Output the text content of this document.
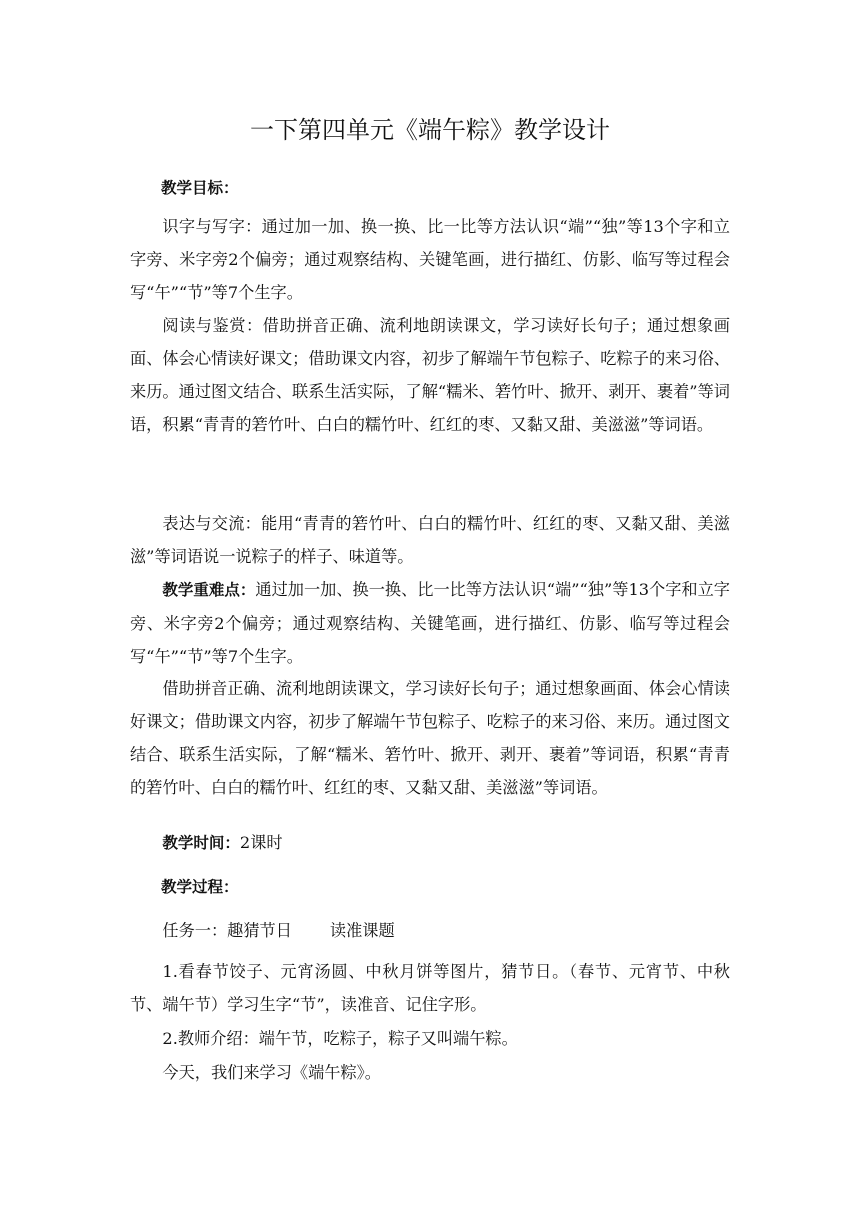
一下第四单元《端午粽》教学设计

教学目标：

识字与写字：通过加一加、换一换、比一比等方法认识“端”“独”等13个字和立字旁、米字旁2个偏旁；通过观察结构、关键笔画，进行描红、仿影、临写等过程会写“午”“节”等7个生字。

阅读与鉴赏：借助拼音正确、流利地朗读课文，学习读好长句子；通过想象画面、体会心情读好课文；借助课文内容，初步了解端午节包粽子、吃粽子的来习俗、来历。通过图文结合、联系生活实际，了解“糯米、箬竹叶、掀开、剥开、裹着”等词语，积累“青青的箬竹叶、白白的糯竹叶、红红的枣、又黏又甜、美滋滋”等词语。

表达与交流：能用“青青的箬竹叶、白白的糯竹叶、红红的枣、又黏又甜、美滋滋”等词语说一说粽子的样子、味道等。

教学重难点：通过加一加、换一换、比一比等方法认识“端”“独”等13个字和立字旁、米字旁2个偏旁；通过观察结构、关键笔画，进行描红、仿影、临写等过程会写“午”“节”等7个生字。

借助拼音正确、流利地朗读课文，学习读好长句子；通过想象画面、体会心情读好课文；借助课文内容，初步了解端午节包粽子、吃粽子的来习俗、来历。通过图文结合、联系生活实际，了解“糯米、箬竹叶、掀开、剥开、裹着”等词语，积累“青青的箬竹叶、白白的糯竹叶、红红的枣、又黏又甜、美滋滋”等词语。

教学时间：2课时

教学过程：

任务一：趣猜节日 读准课题

1.看春节饺子、元宵汤圆、中秋月饼等图片，猜节日。（春节、元宵节、中秋节、端午节）学习生字“节”，读准音、记住字形。

2.教师介绍：端午节，吃粽子，粽子又叫端午粽。

今天，我们来学习《端午粽》。
